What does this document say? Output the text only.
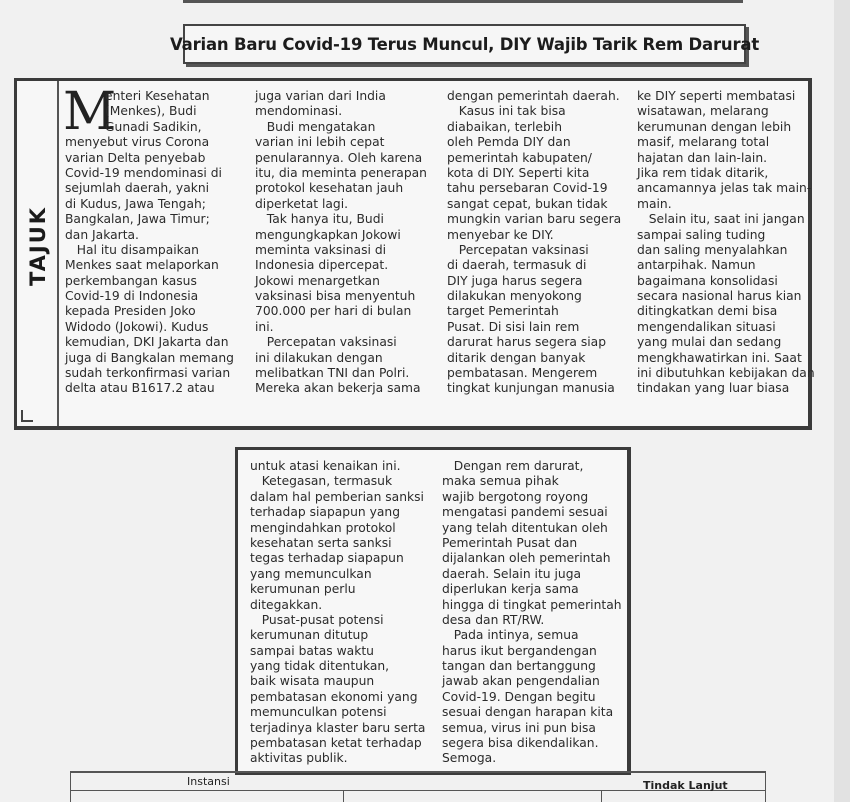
Varian Baru Covid-19 Terus Muncul, DIY Wajib Tarik Rem Darurat
TAJUK
M
enteri Kesehatan
(Menkes), Budi
Gunadi Sadikin,
menyebut virus Corona
varian Delta penyebab
Covid-19 mendominasi di
sejumlah daerah, yakni
di Kudus, Jawa Tengah;
Bangkalan, Jawa Timur;
dan Jakarta.
Hal itu disampaikan
Menkes saat melaporkan
perkembangan kasus
Covid-19 di Indonesia
kepada Presiden Joko
Widodo (Jokowi). Kudus
kemudian, DKI Jakarta dan
juga di Bangkalan memang
sudah terkonfirmasi varian
delta atau B1617.2 atau
juga varian dari India
mendominasi.
Budi mengatakan
varian ini lebih cepat
penularannya. Oleh karena
itu, dia meminta penerapan
protokol kesehatan jauh
diperketat lagi.
Tak hanya itu, Budi
mengungkapkan Jokowi
meminta vaksinasi di
Indonesia dipercepat.
Jokowi menargetkan
vaksinasi bisa menyentuh
700.000 per hari di bulan
ini.
Percepatan vaksinasi
ini dilakukan dengan
melibatkan TNI dan Polri.
Mereka akan bekerja sama
dengan pemerintah daerah.
Kasus ini tak bisa
diabaikan, terlebih
oleh Pemda DIY dan
pemerintah kabupaten/
kota di DIY. Seperti kita
tahu persebaran Covid-19
sangat cepat, bukan tidak
mungkin varian baru segera
menyebar ke DIY.
Percepatan vaksinasi
di daerah, termasuk di
DIY juga harus segera
dilakukan menyokong
target Pemerintah
Pusat. Di sisi lain rem
darurat harus segera siap
ditarik dengan banyak
pembatasan. Mengerem
tingkat kunjungan manusia
ke DIY seperti membatasi
wisatawan, melarang
kerumunan dengan lebih
masif, melarang total
hajatan dan lain-lain.
Jika rem tidak ditarik,
ancamannya jelas tak main-
main.
Selain itu, saat ini jangan
sampai saling tuding
dan saling menyalahkan
antarpihak. Namun
bagaimana konsolidasi
secara nasional harus kian
ditingkatkan demi bisa
mengendalikan situasi
yang mulai dan sedang
mengkhawatirkan ini. Saat
ini dibutuhkan kebijakan dan
tindakan yang luar biasa
untuk atasi kenaikan ini.
Ketegasan, termasuk
dalam hal pemberian sanksi
terhadap siapapun yang
mengindahkan protokol
kesehatan serta sanksi
tegas terhadap siapapun
yang memunculkan
kerumunan perlu
ditegakkan.
Pusat-pusat potensi
kerumunan ditutup
sampai batas waktu
yang tidak ditentukan,
baik wisata maupun
pembatasan ekonomi yang
memunculkan potensi
terjadinya klaster baru serta
pembatasan ketat terhadap
aktivitas publik.
Dengan rem darurat,
maka semua pihak
wajib bergotong royong
mengatasi pandemi sesuai
yang telah ditentukan oleh
Pemerintah Pusat dan
dijalankan oleh pemerintah
daerah. Selain itu juga
diperlukan kerja sama
hingga di tingkat pemerintah
desa dan RT/RW.
Pada intinya, semua
harus ikut bergandengan
tangan dan bertanggung
jawab akan pengendalian
Covid-19. Dengan begitu
sesuai dengan harapan kita
semua, virus ini pun bisa
segera bisa dikendalikan.
Semoga.
Instansi	Tindak Lanjut
